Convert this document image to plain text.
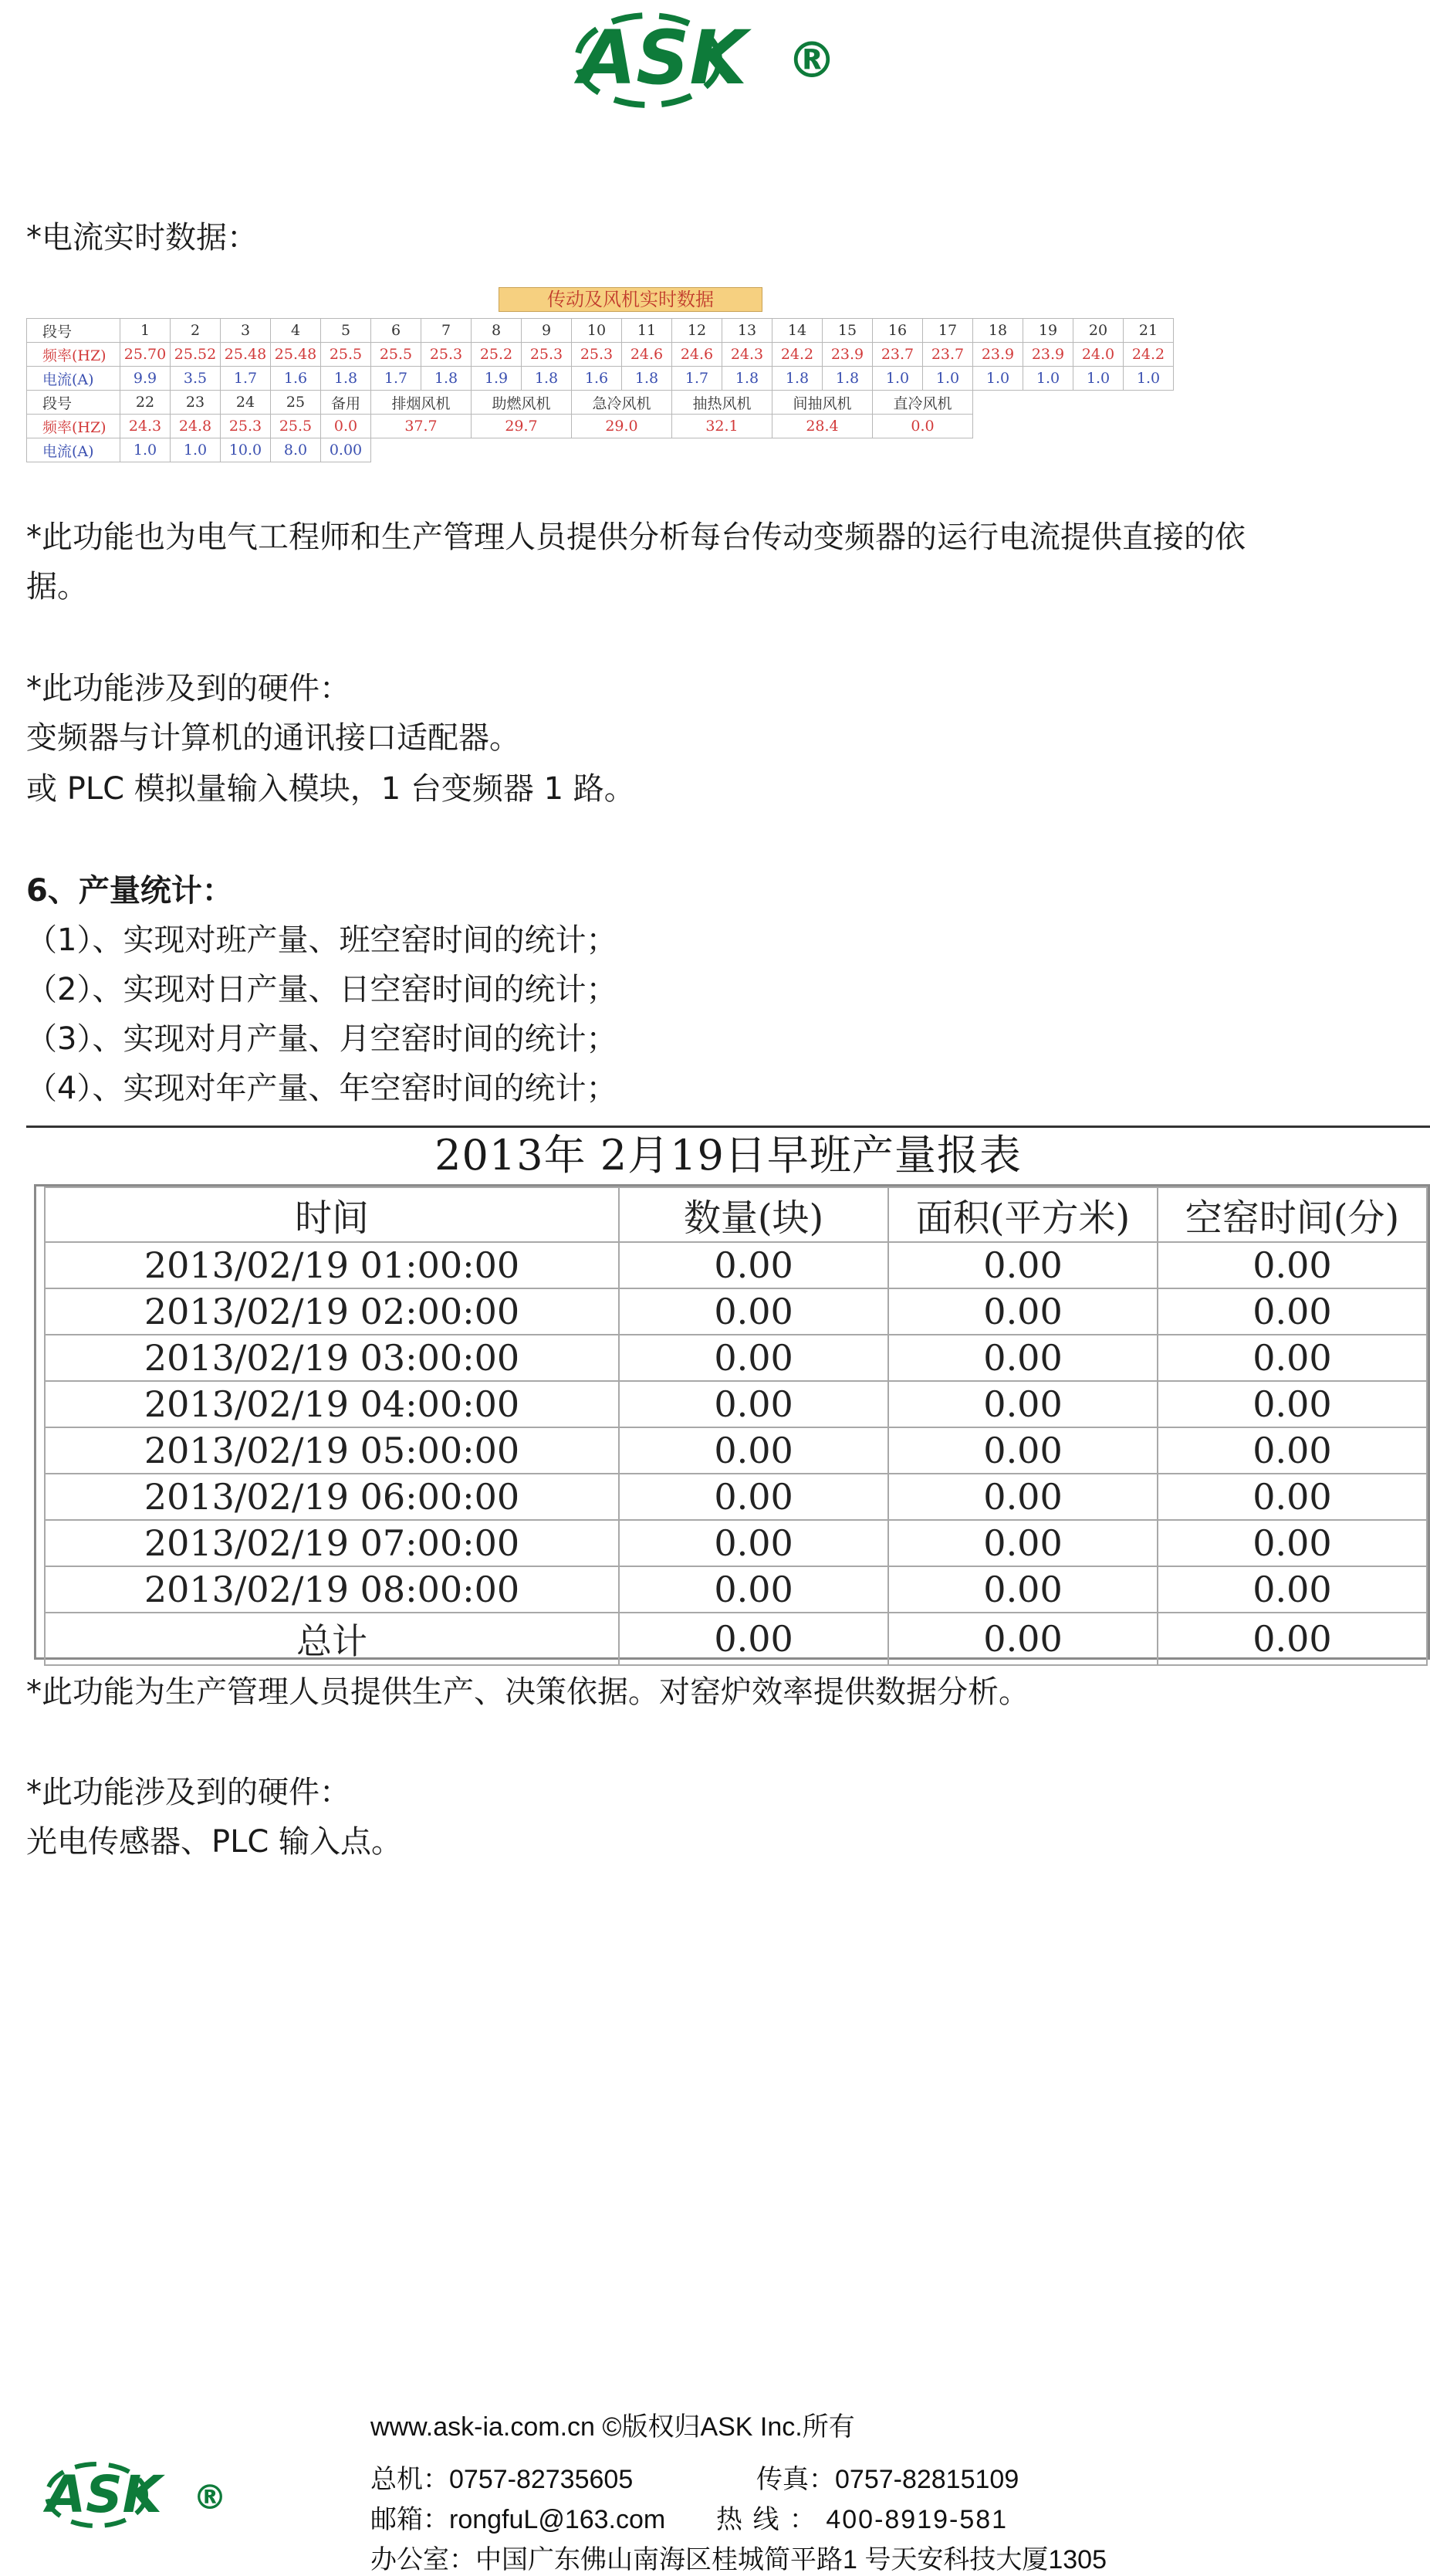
ASK ®
*电流实时数据：
传动及风机实时数据
段号	1	2	3	4	5	6	7	8	9	10	11	12	13	14	15	16	17	18	19	20	21
频率(HZ)	25.70	25.52	25.48	25.48	25.5	25.5	25.3	25.2	25.3	25.3	24.6	24.6	24.3	24.2	23.9	23.7	23.7	23.9	23.9	24.0	24.2
电流(A)	9.9	3.5	1.7	1.6	1.8	1.7	1.8	1.9	1.8	1.6	1.8	1.7	1.8	1.8	1.8	1.0	1.0	1.0	1.0	1.0	1.0
段号	22	23	24	25	备用	排烟风机		助燃风机		急冷风机		抽热风机		间抽风机		直冷风机					
频率(HZ)	24.3	24.8	25.3	25.5	0.0	37.7		29.7		29.0		32.1		28.4		0.0					
电流(A)	1.0	1.0	10.0	8.0	0.00																
*此功能也为电气工程师和生产管理人员提供分析每台传动变频器的运行电流提供直接的依
据。
*此功能涉及到的硬件：
变频器与计算机的通讯接口适配器。
或 PLC 模拟量输入模块，1 台变频器 1 路。
6、产量统计：
（1）、实现对班产量、班空窑时间的统计；
（2）、实现对日产量、日空窑时间的统计；
（3）、实现对月产量、月空窑时间的统计；
（4）、实现对年产量、年空窑时间的统计；
2013年 2月19日早班产量报表
时间	数量(块)	面积(平方米)	空窑时间(分)
2013/02/19 01:00:00	0.00	0.00	0.00
2013/02/19 02:00:00	0.00	0.00	0.00
2013/02/19 03:00:00	0.00	0.00	0.00
2013/02/19 04:00:00	0.00	0.00	0.00
2013/02/19 05:00:00	0.00	0.00	0.00
2013/02/19 06:00:00	0.00	0.00	0.00
2013/02/19 07:00:00	0.00	0.00	0.00
2013/02/19 08:00:00	0.00	0.00	0.00
总计	0.00	0.00	0.00
*此功能为生产管理人员提供生产、决策依据。对窑炉效率提供数据分析。
*此功能涉及到的硬件：
光电传感器、PLC 输入点。
ASK ®
www.ask-ia.com.cn ©版权归ASK Inc.所有
总机：0757-82735605	传真：0757-82815109
邮箱：rongfuL@163.com 热 线 ： 400-8919-581
办公室：中国广东佛山南海区桂城简平路1 号天安科技大厦1305
